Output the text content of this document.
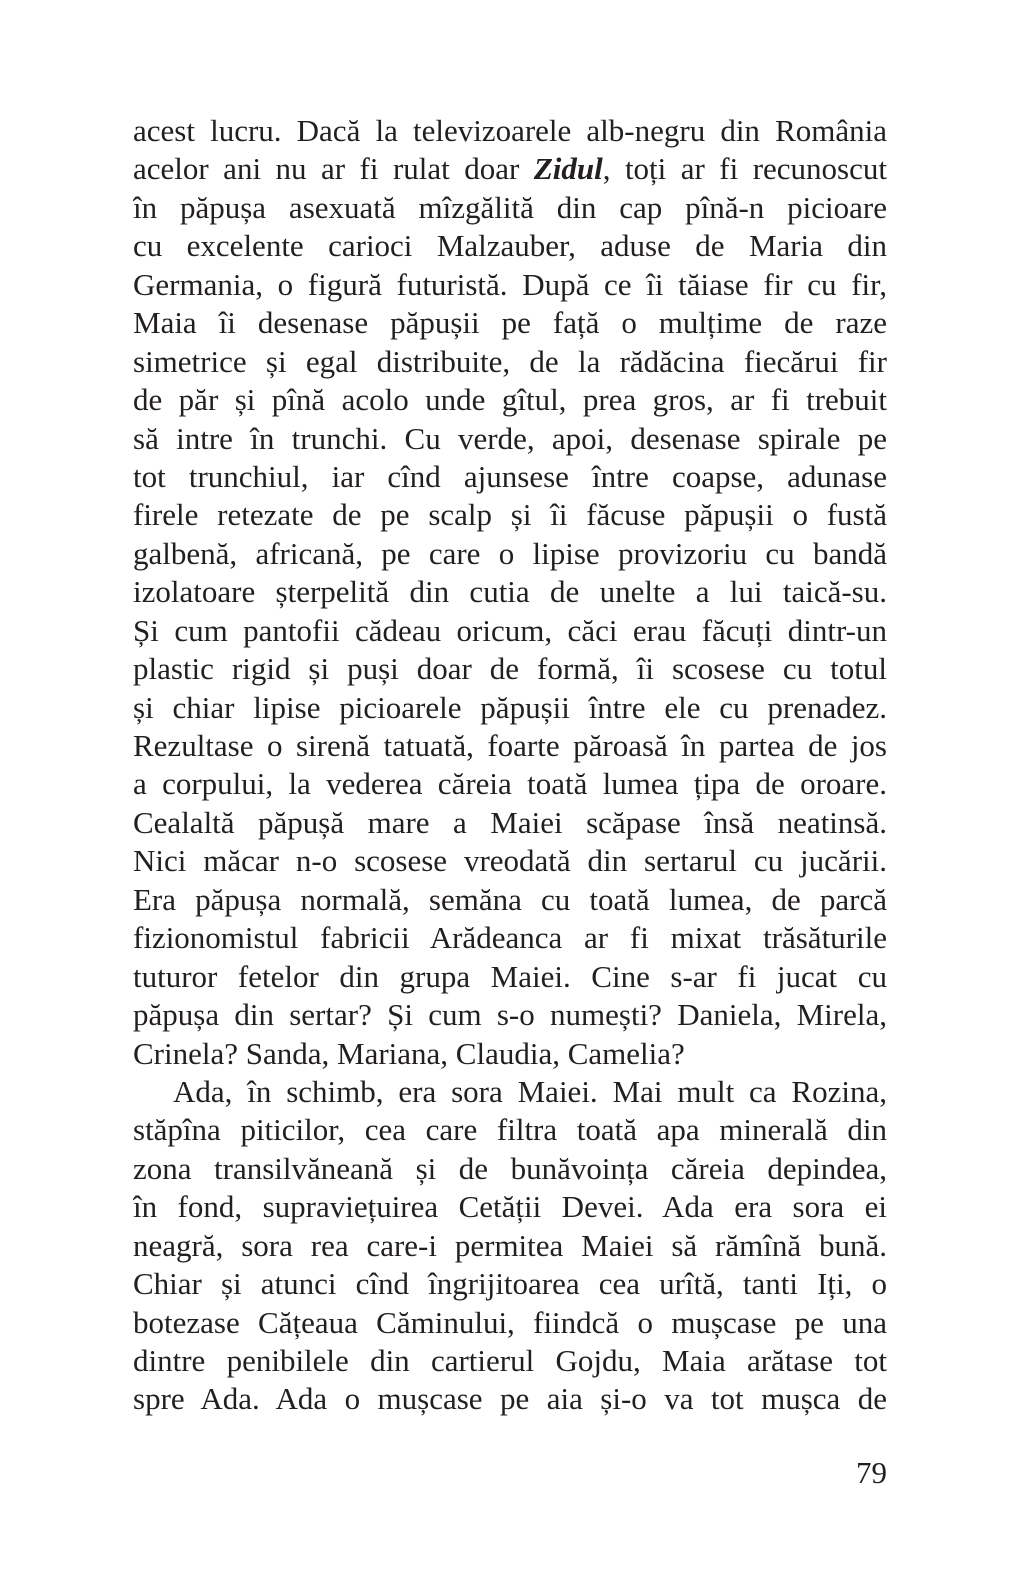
acest lucru. Dacă la televizoarele alb-negru din România
acelor ani nu ar fi rulat doar Zidul, toți ar fi recunoscut
în păpușa asexuată mîzgălită din cap pînă-n picioare
cu excelente carioci Malzauber, aduse de Maria din
Germania, o figură futuristă. După ce îi tăiase fir cu fir,
Maia îi desenase păpușii pe față o mulțime de raze
simetrice și egal distribuite, de la rădăcina fiecărui fir
de păr și pînă acolo unde gîtul, prea gros, ar fi trebuit
să intre în trunchi. Cu verde, apoi, desenase spirale pe
tot trunchiul, iar cînd ajunsese între coapse, adunase
firele retezate de pe scalp și îi făcuse păpușii o fustă
galbenă, africană, pe care o lipise provizoriu cu bandă
izolatoare șterpelită din cutia de unelte a lui taică-su.
Și cum pantofii cădeau oricum, căci erau făcuți dintr-un
plastic rigid și puși doar de formă, îi scosese cu totul
și chiar lipise picioarele păpușii între ele cu prenadez.
Rezultase o sirenă tatuată, foarte păroasă în partea de jos
a corpului, la vederea căreia toată lumea țipa de oroare.
Cealaltă păpușă mare a Maiei scăpase însă neatinsă.
Nici măcar n-o scosese vreodată din sertarul cu jucării.
Era păpușa normală, semăna cu toată lumea, de parcă
fizionomistul fabricii Arădeanca ar fi mixat trăsăturile
tuturor fetelor din grupa Maiei. Cine s-ar fi jucat cu
păpușa din sertar? Și cum s-o numești? Daniela, Mirela,
Crinela? Sanda, Mariana, Claudia, Camelia?
Ada, în schimb, era sora Maiei. Mai mult ca Rozina,
stăpîna piticilor, cea care filtra toată apa minerală din
zona transilvăneană și de bunăvoința căreia depindea,
în fond, supraviețuirea Cetății Devei. Ada era sora ei
neagră, sora rea care-i permitea Maiei să rămînă bună.
Chiar și atunci cînd îngrijitoarea cea urîtă, tanti Iți, o
botezase Cățeaua Căminului, fiindcă o mușcase pe una
dintre penibilele din cartierul Gojdu, Maia arătase tot
spre Ada. Ada o mușcase pe aia și-o va tot mușca de
79
